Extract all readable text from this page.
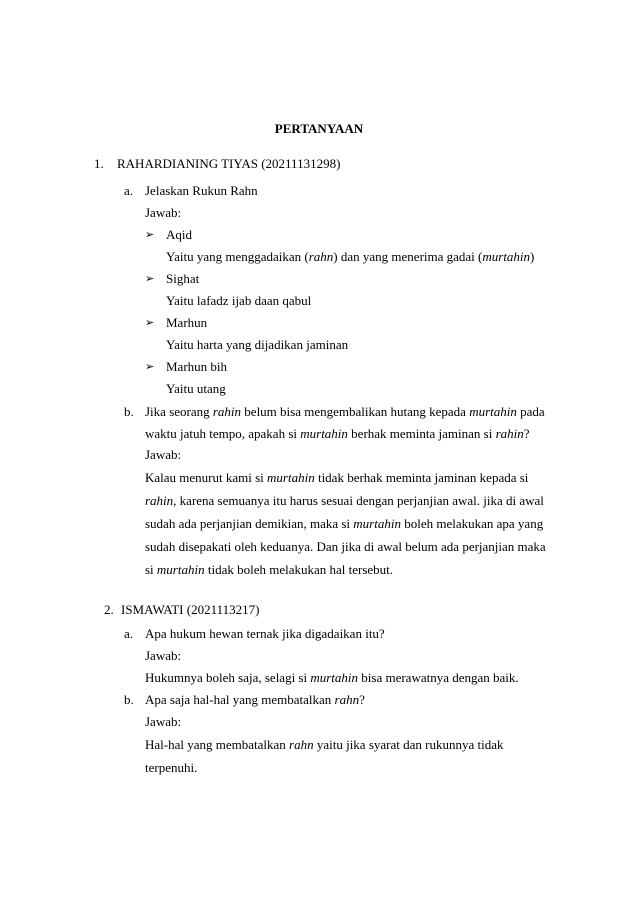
PERTANYAAN
1. RAHARDIANING TIYAS (20211131298)
a. Jelaskan Rukun Rahn
Jawab:
➢ Aqid
Yaitu yang menggadaikan (rahn) dan yang menerima gadai (murtahin)
➢ Sighat
Yaitu lafadz ijab daan qabul
➢ Marhun
Yaitu harta yang dijadikan jaminan
➢ Marhun bih
Yaitu utang
b. Jika seorang rahin belum bisa mengembalikan hutang kepada murtahin pada
waktu jatuh tempo, apakah si murtahin berhak meminta jaminan si rahin?
Jawab:
Kalau menurut kami si murtahin tidak berhak meminta jaminan kepada si
rahin, karena semuanya itu harus sesuai dengan perjanjian awal. jika di awal
sudah ada perjanjian demikian, maka si murtahin boleh melakukan apa yang
sudah disepakati oleh keduanya. Dan jika di awal belum ada perjanjian maka
si murtahin tidak boleh melakukan hal tersebut.
2. ISMAWATI (2021113217)
a. Apa hukum hewan ternak jika digadaikan itu?
Jawab:
Hukumnya boleh saja, selagi si murtahin bisa merawatnya dengan baik.
b. Apa saja hal-hal yang membatalkan rahn?
Jawab:
Hal-hal yang membatalkan rahn yaitu jika syarat dan rukunnya tidak
terpenuhi.
